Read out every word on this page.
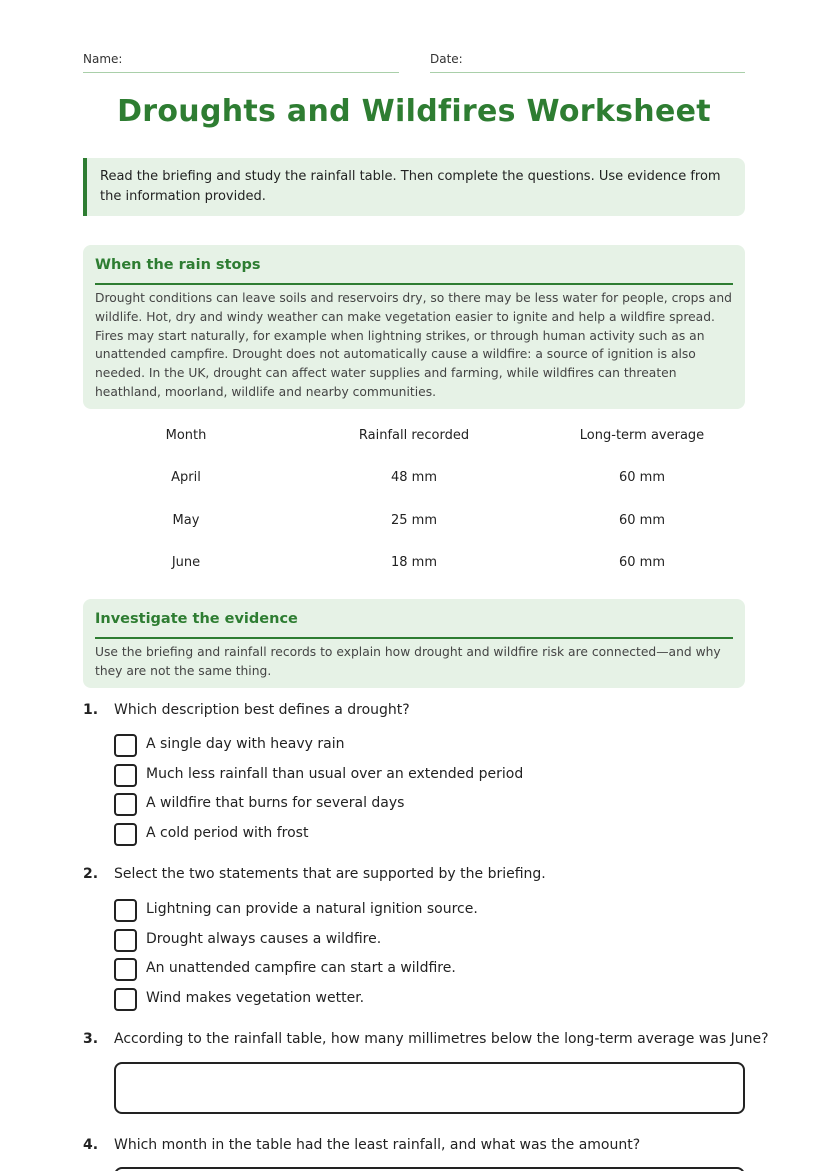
Name:	Date:
Droughts and Wildfires Worksheet
Read the briefing and study the rainfall table. Then complete the questions. Use evidence from the information provided.
When the rain stops

Drought conditions can leave soils and reservoirs dry, so there may be less water for people, crops and wildlife. Hot, dry and windy weather can make vegetation easier to ignite and help a wildfire spread. Fires may start naturally, for example when lightning strikes, or through human activity such as an unattended campfire. Drought does not automatically cause a wildfire: a source of ignition is also needed. In the UK, drought can affect water supplies and farming, while wildfires can threaten heathland, moorland, wildlife and nearby communities.

Month	Rainfall recorded	Long-term average
April	48 mm	60 mm
May	25 mm	60 mm
June	18 mm	60 mm
Investigate the evidence

Use the briefing and rainfall records to explain how drought and wildfire risk are connected—and why they are not the same thing.

1. Which description best defines a drought?
A single day with heavy rain
Much less rainfall than usual over an extended period
A wildfire that burns for several days
A cold period with frost
2. Select the two statements that are supported by the briefing.
Lightning can provide a natural ignition source.
Drought always causes a wildfire.
An unattended campfire can start a wildfire.
Wind makes vegetation wetter.
3. According to the rainfall table, how many millimetres below the long-term average was June?
4. Which month in the table had the least rainfall, and what was the amount?
